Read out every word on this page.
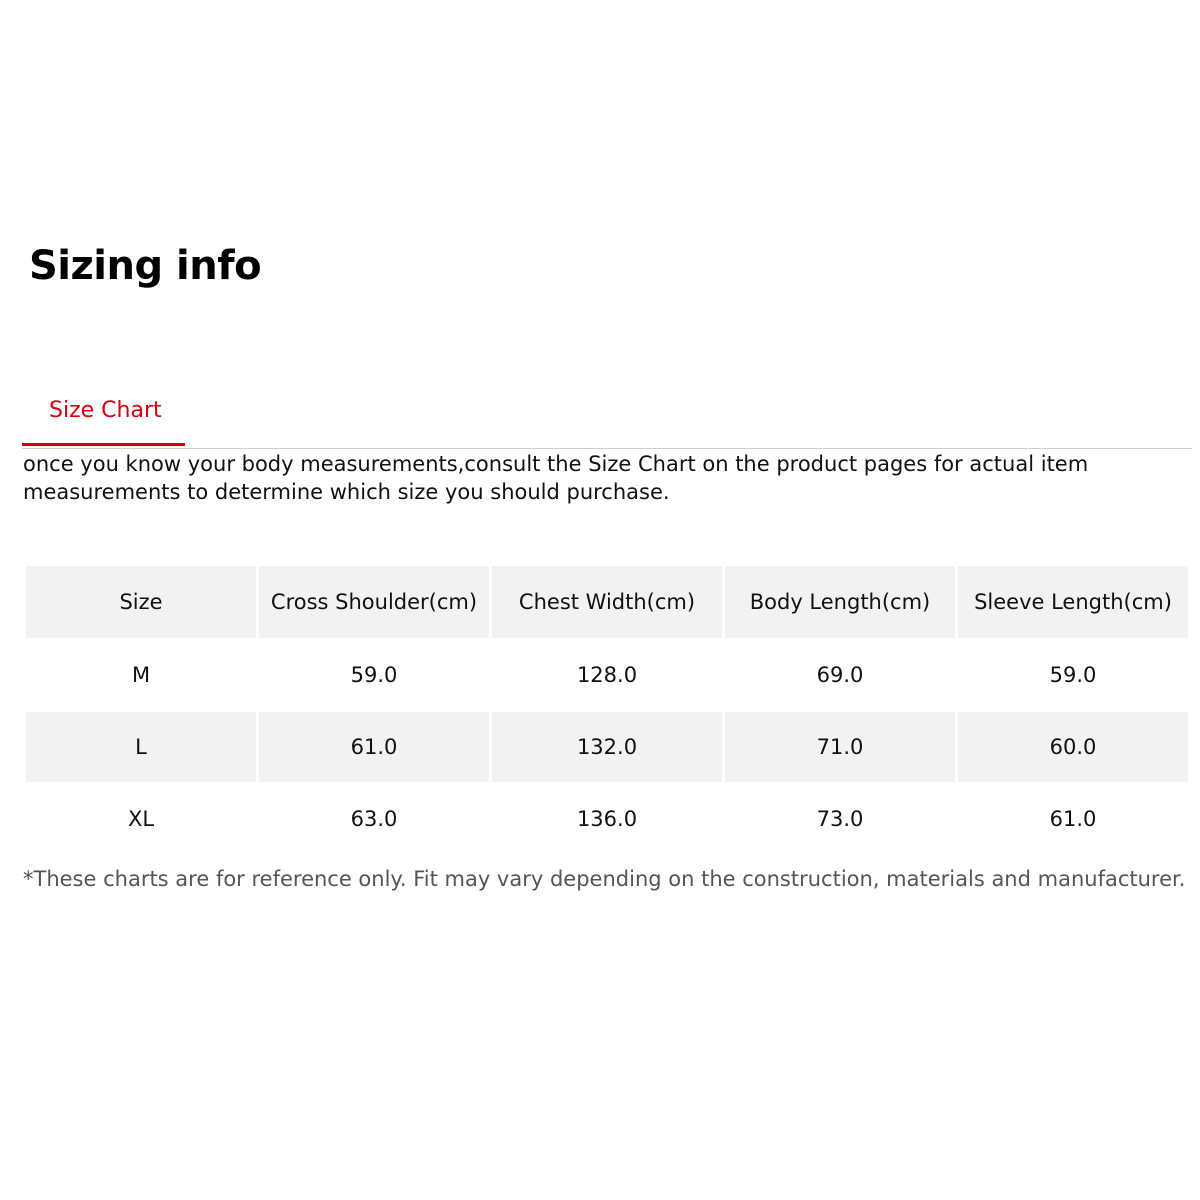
Sizing info
Size Chart

once you know your body measurements,consult the Size Chart on the product pages for actual item measurements to determine which size you should purchase.

Size	Cross Shoulder(cm)	Chest Width(cm)	Body Length(cm)	Sleeve Length(cm)
M	59.0	128.0	69.0	59.0
L	61.0	132.0	71.0	60.0
XL	63.0	136.0	73.0	61.0

*These charts are for reference only. Fit may vary depending on the construction, materials and manufacturer.
